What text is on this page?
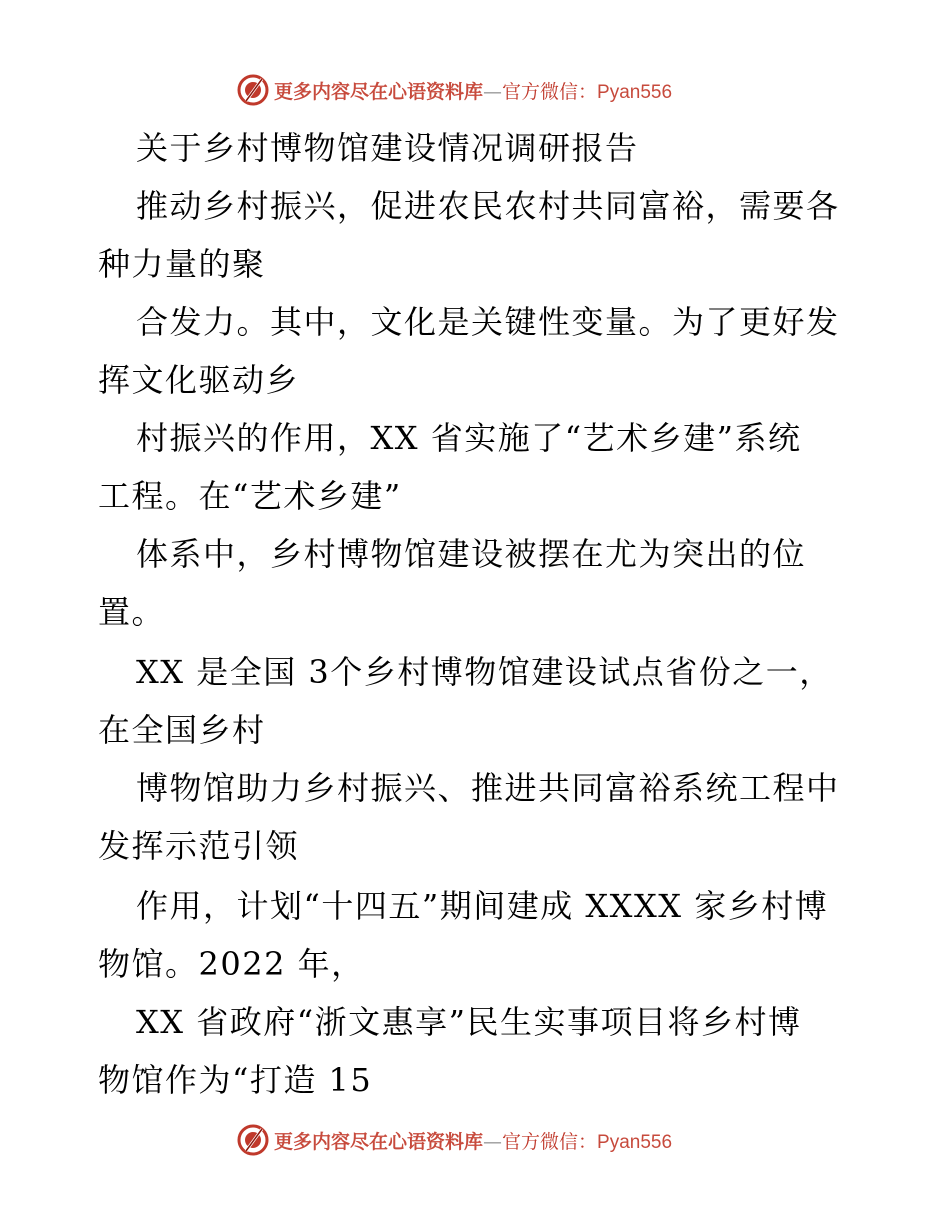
更多内容尽在心语资料库—官方微信：Pyan556
关于乡村博物馆建设情况调研报告
推动乡村振兴，促进农民农村共同富裕，需要各
种力量的聚
合发力。其中，文化是关键性变量。为了更好发
挥文化驱动乡
村振兴的作用，XX 省实施了“艺术乡建”系统
工程。在“艺术乡建”
体系中，乡村博物馆建设被摆在尤为突出的位
置。
XX 是全国 3个乡村博物馆建设试点省份之一，
在全国乡村
博物馆助力乡村振兴、推进共同富裕系统工程中
发挥示范引领
作用，计划“十四五”期间建成 XXXX 家乡村博
物馆。2022 年，
XX 省政府“浙文惠享”民生实事项目将乡村博
物馆作为“打造 15
更多内容尽在心语资料库—官方微信：Pyan556
